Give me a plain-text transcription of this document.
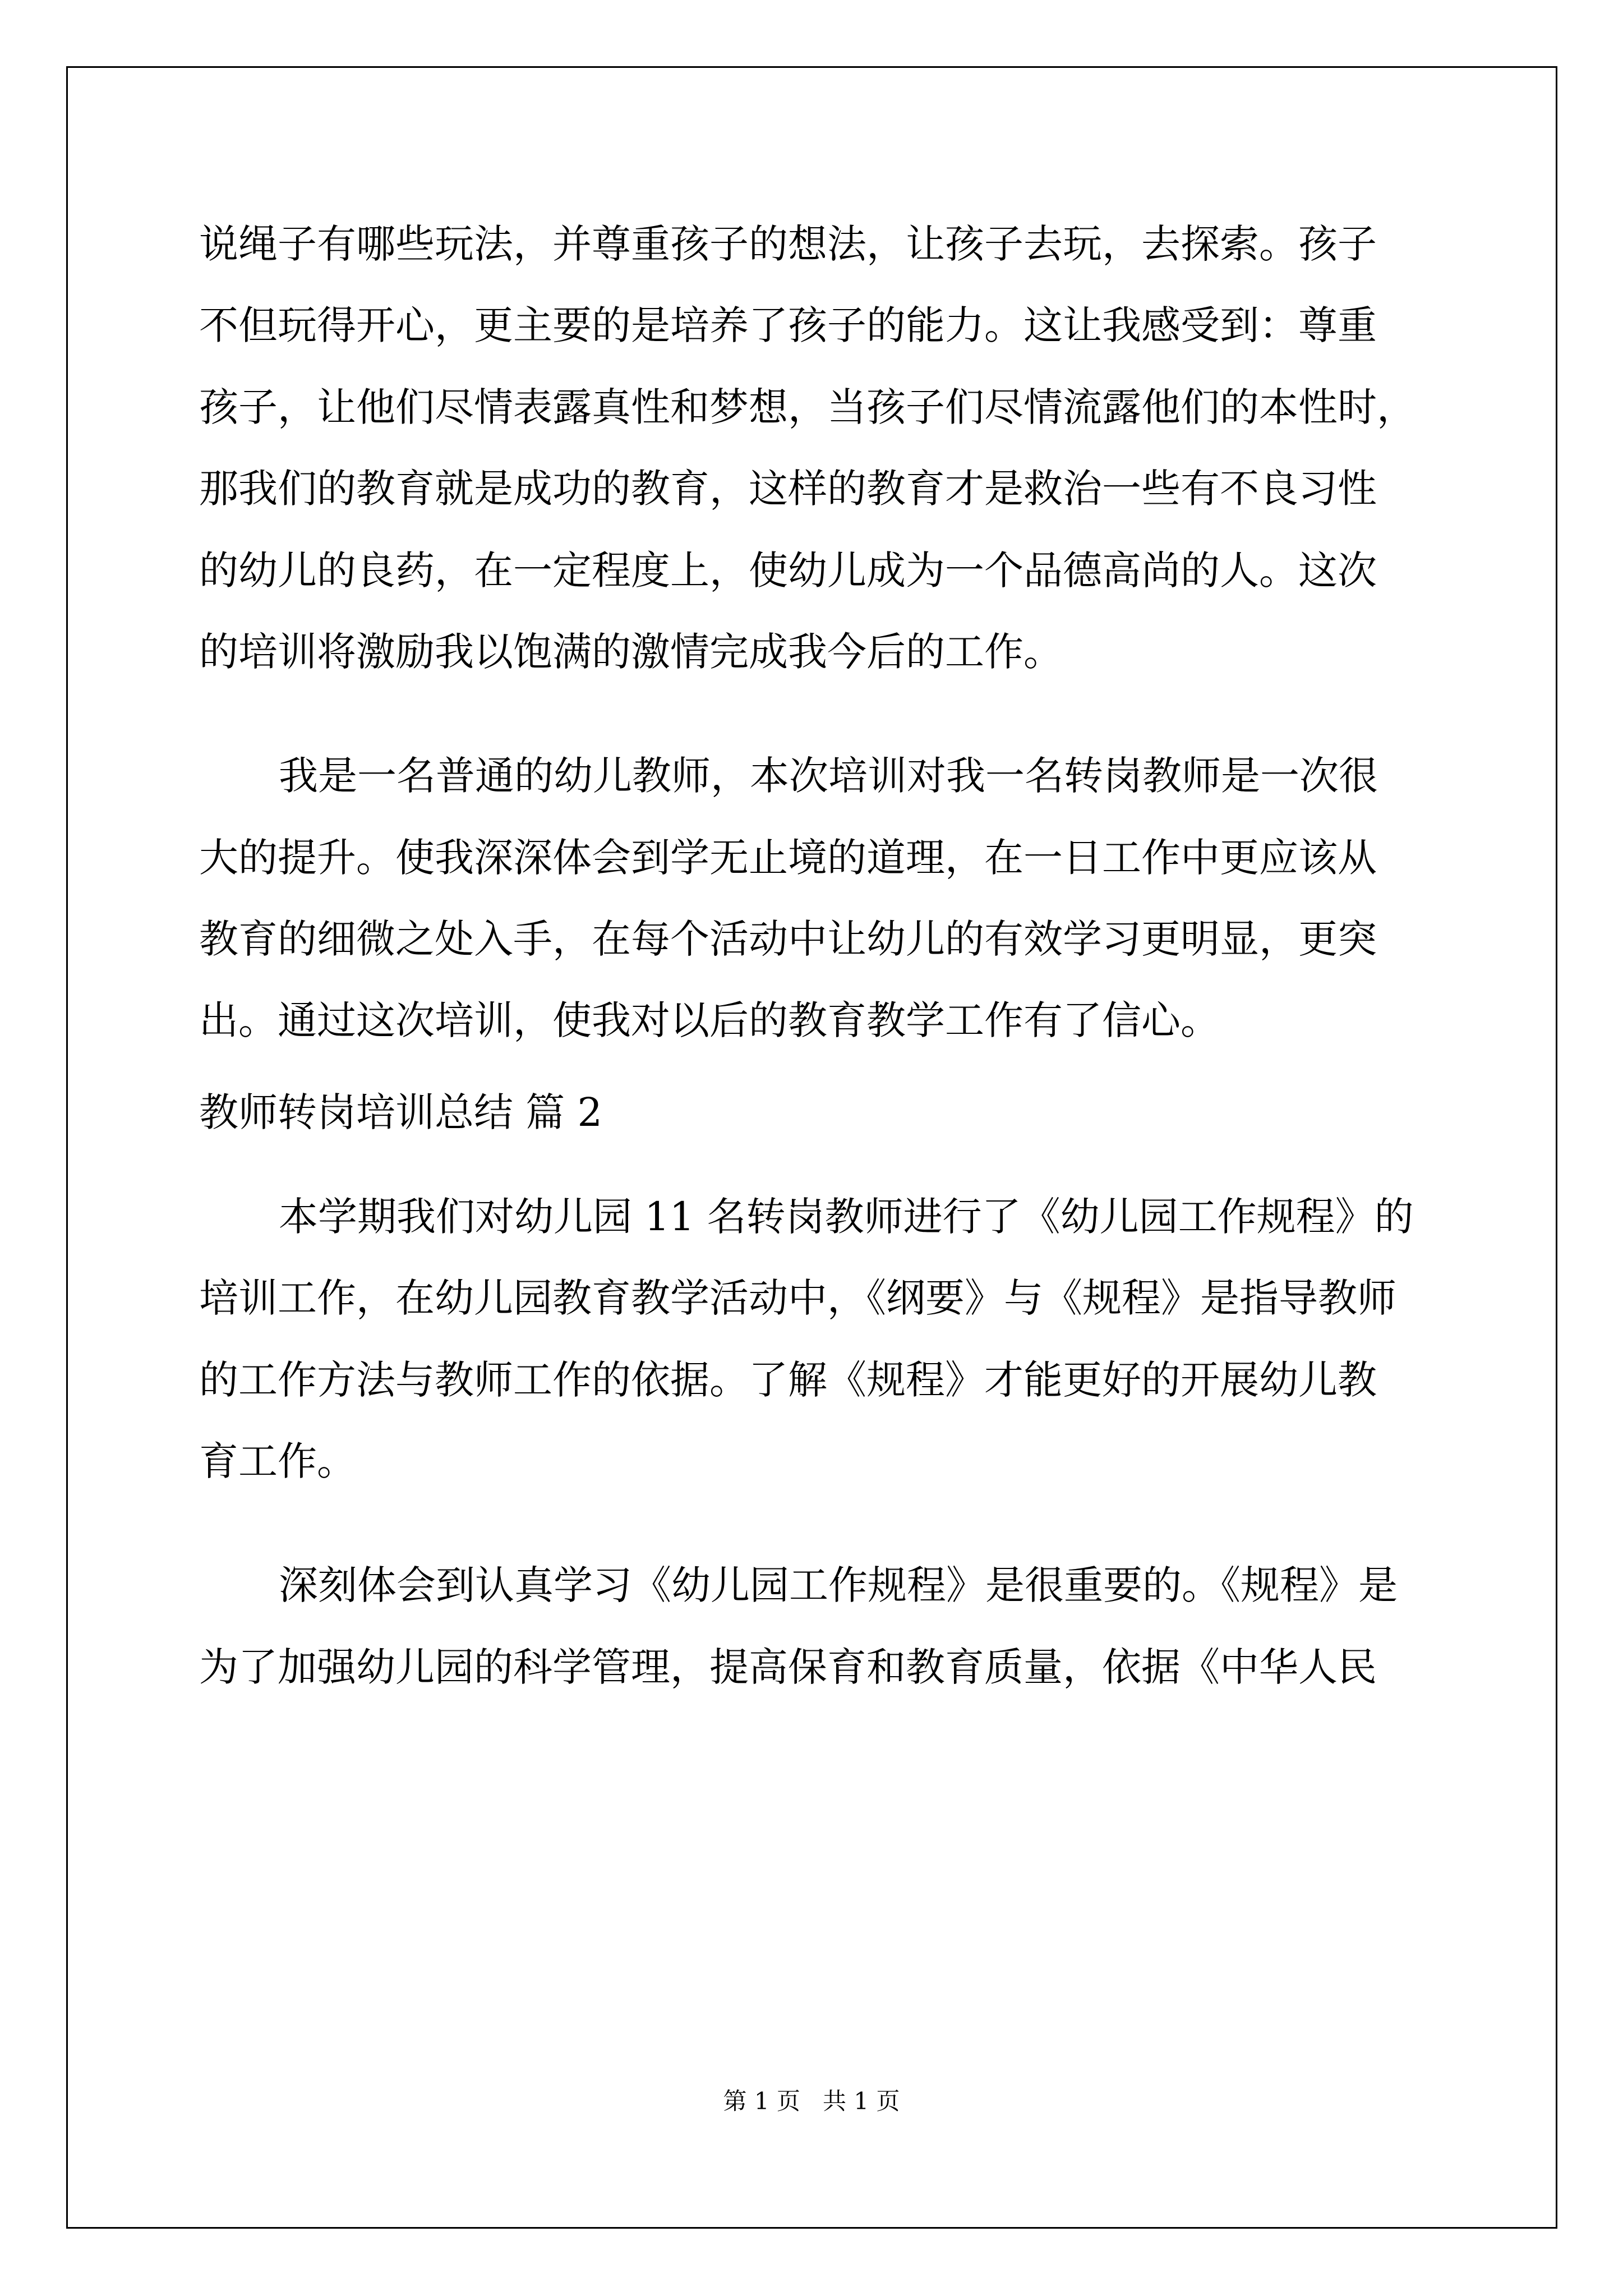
说绳子有哪些玩法，并尊重孩子的想法，让孩子去玩，去探索。孩子
不但玩得开心，更主要的是培养了孩子的能力。这让我感受到：尊重
孩子，让他们尽情表露真性和梦想，当孩子们尽情流露他们的本性时，
那我们的教育就是成功的教育，这样的教育才是救治一些有不良习性
的幼儿的良药，在一定程度上，使幼儿成为一个品德高尚的人。这次
的培训将激励我以饱满的激情完成我今后的工作。
我是一名普通的幼儿教师，本次培训对我一名转岗教师是一次很
大的提升。使我深深体会到学无止境的道理，在一日工作中更应该从
教育的细微之处入手，在每个活动中让幼儿的有效学习更明显，更突
出。通过这次培训，使我对以后的教育教学工作有了信心。
教师转岗培训总结 篇 2
本学期我们对幼儿园 11 名转岗教师进行了《幼儿园工作规程》的
培训工作，在幼儿园教育教学活动中，《纲要》与《规程》是指导教师
的工作方法与教师工作的依据。了解《规程》才能更好的开展幼儿教
育工作。
深刻体会到认真学习《幼儿园工作规程》是很重要的。《规程》是
为了加强幼儿园的科学管理，提高保育和教育质量，依据《中华人民
第 1 页   共 1 页
